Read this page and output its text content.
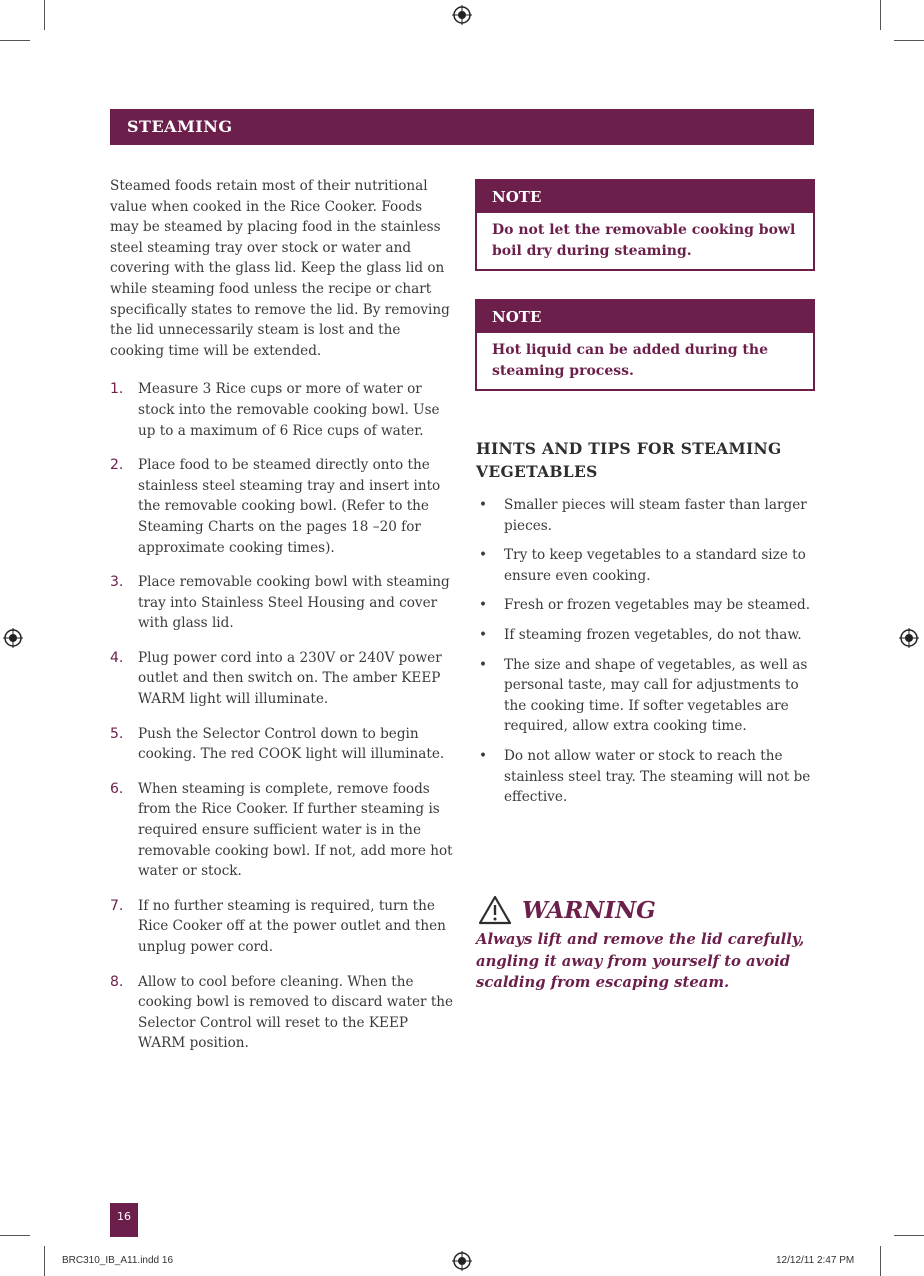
STEAMING

Steamed foods retain most of their nutritional value when cooked in the Rice Cooker. Foods may be steamed by placing food in the stainless steel steaming tray over stock or water and covering with the glass lid. Keep the glass lid on while steaming food unless the recipe or chart specifically states to remove the lid. By removing the lid unnecessarily steam is lost and the cooking time will be extended.

1. Measure 3 Rice cups or more of water or stock into the removable cooking bowl. Use up to a maximum of 6 Rice cups of water.
2. Place food to be steamed directly onto the stainless steel steaming tray and insert into the removable cooking bowl. (Refer to the Steaming Charts on the pages 18 –20 for approximate cooking times).
3. Place removable cooking bowl with steaming tray into Stainless Steel Housing and cover with glass lid.
4. Plug power cord into a 230V or 240V power outlet and then switch on. The amber KEEP WARM light will illuminate.
5. Push the Selector Control down to begin cooking. The red COOK light will illuminate.
6. When steaming is complete, remove foods from the Rice Cooker. If further steaming is required ensure sufficient water is in the removable cooking bowl. If not, add more hot water or stock.
7. If no further steaming is required, turn the Rice Cooker off at the power outlet and then unplug power cord.
8. Allow to cool before cleaning. When the cooking bowl is removed to discard water the Selector Control will reset to the KEEP WARM position.
NOTE
Do not let the removable cooking bowl boil dry during steaming.
NOTE
Hot liquid can be added during the steaming process.
HINTS AND TIPS FOR STEAMING VEGETABLES
• Smaller pieces will steam faster than larger pieces.
• Try to keep vegetables to a standard size to ensure even cooking.
• Fresh or frozen vegetables may be steamed.
• If steaming frozen vegetables, do not thaw.
• The size and shape of vegetables, as well as personal taste, may call for adjustments to the cooking time. If softer vegetables are required, allow extra cooking time.
• Do not allow water or stock to reach the stainless steel tray. The steaming will not be effective.
WARNING
Always lift and remove the lid carefully, angling it away from yourself to avoid scalding from escaping steam.
16
BRC310_IB_A11.indd 16	12/12/11 2:47 PM
